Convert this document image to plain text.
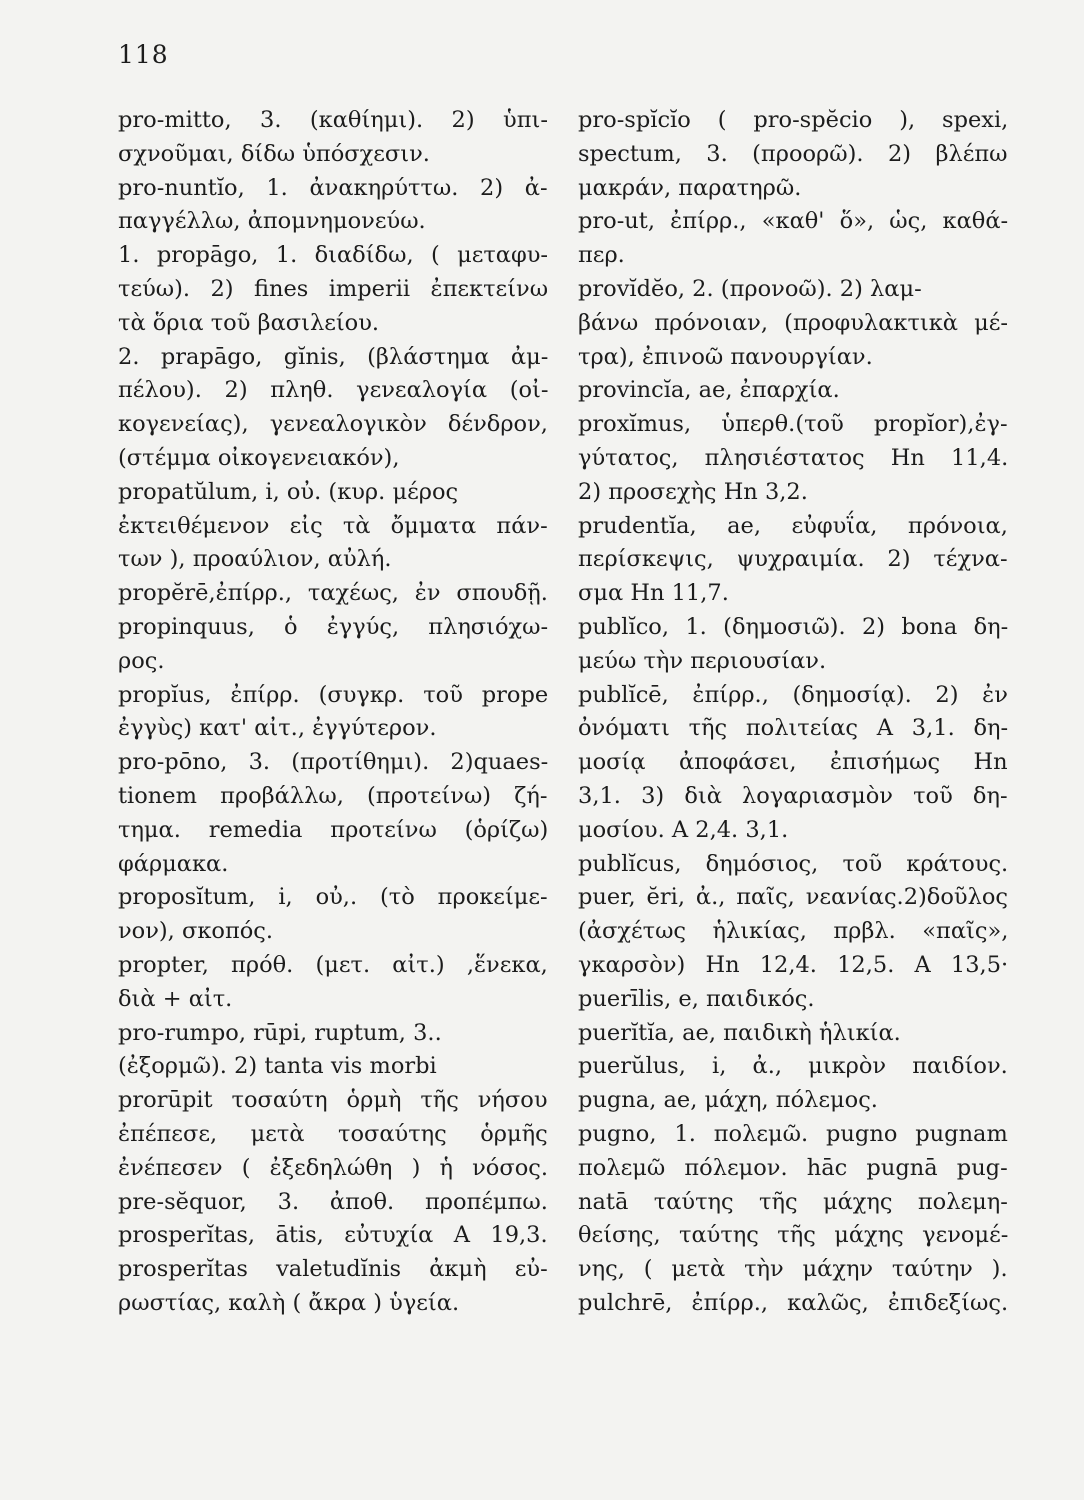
118
pro-mitto, 3. (καθίημι). 2) ὑπι-
σχνοῦμαι, δίδω ὑπόσχεσιν.
pro-nuntĭo, 1. ἀνακηρύττω. 2) ἀ-
παγγέλλω, ἀπομνημονεύω.
1. propāgo, 1. διαδίδω, ( μεταφυ-
τεύω). 2) fines imperii ἐπεκτείνω
τὰ ὅρια τοῦ βασιλείου.
2. prapāgo, gĭnis, (βλάστημα ἀμ-
πέλου). 2) πληθ. γενεαλογία (οἰ-
κογενείας), γενεαλογικὸν δένδρον,
(στέμμα οἰκογενειακόν),
propatŭlum, i, οὐ. (κυρ. μέρος
ἐκτειθέμενον εἰς τὰ ὄμματα πάν-
των ), προαύλιον, αὐλή.
propĕrē,ἐπίρρ., ταχέως, ἐν σπουδῇ.
propinquus, ὁ ἐγγύς, πλησιόχω-
ρος.
propĭus, ἐπίρρ. (συγκρ. τοῦ prope
ἐγγὺς) κατ' αἰτ., ἐγγύτερον.
pro-pōno, 3. (προτίθημι). 2)quaes-
tionem προβάλλω, (προτείνω) ζή-
τημα. remedia προτείνω (ὁρίζω)
φάρμακα.
proposĭtum, i, οὐ,. (τὸ προκείμε-
νον), σκοπός.
propter, πρόθ. (μετ. αἰτ.) ,ἕνεκα,
διὰ + αἰτ.
pro-rumpo, rūpi, ruptum, 3..
(ἐξορμῶ). 2) tanta vis morbi
prorūpit τοσαύτη ὁρμὴ τῆς νήσου
ἐπέπεσε, μετὰ τοσαύτης ὁρμῆς
ἐνέπεσεν ( ἐξεδηλώθη ) ἡ νόσος.
pre-sĕquor, 3. ἀποθ. προπέμπω.
prosperĭtas, ātis, εὐτυχία A 19,3.
prosperĭtas valetudĭnis ἀκμὴ εὐ-
ρωστίας, καλὴ ( ἄκρα ) ὑγεία.
pro-spĭcĭo ( pro-spĕcio ), spexi,
spectum, 3. (προορῶ). 2) βλέπω
μακράν, παρατηρῶ.
pro-ut, ἐπίρρ., «καθ' ὅ», ὡς, καθά-
περ.
provĭdĕo, 2. (προνοῶ). 2) λαμ-
βάνω πρόνοιαν, (προφυλακτικὰ μέ-
τρα), ἐπινοῶ πανουργίαν.
provincĭa, ae, ἐπαρχία.
proxĭmus, ὑπερθ.(τοῦ propĭor),ἐγ-
γύτατος, πλησιέστατος Hn 11,4.
2) προσεχὴς Hn 3,2.
prudentĭa, ae, εὐφυΐα, πρόνοια,
περίσκεψις, ψυχραιμία. 2) τέχνα-
σμα Hn 11,7.
publĭco, 1. (δημοσιῶ). 2) bona δη-
μεύω τὴν περιουσίαν.
publĭcē, ἐπίρρ., (δημοσίᾳ). 2) ἐν
ὀνόματι τῆς πολιτείας A 3,1. δη-
μοσίᾳ ἀποφάσει, ἐπισήμως Hn
3,1. 3) διὰ λογαριασμὸν τοῦ δη-
μοσίου. A 2,4. 3,1.
publĭcus, δημόσιος, τοῦ κράτους.
puer, ĕri, ἀ., παῖς, νεανίας.2)δοῦλος
(ἀσχέτως ἡλικίας, πρβλ. «παῖς»,
γκαρσὸν) Hn 12,4. 12,5. A 13,5·
puerīlis, e, παιδικός.
puerĭtĭa, ae, παιδικὴ ἡλικία.
puerŭlus, i, ἀ., μικρὸν παιδίον.
pugna, ae, μάχη, πόλεμος.
pugno, 1. πολεμῶ. pugno pugnam
πολεμῶ πόλεμον. hāc pugnā pug-
natā ταύτης τῆς μάχης πολεμη-
θείσης, ταύτης τῆς μάχης γενομέ-
νης, ( μετὰ τὴν μάχην ταύτην ).
pulchrē, ἐπίρρ., καλῶς, ἐπιδεξίως.
